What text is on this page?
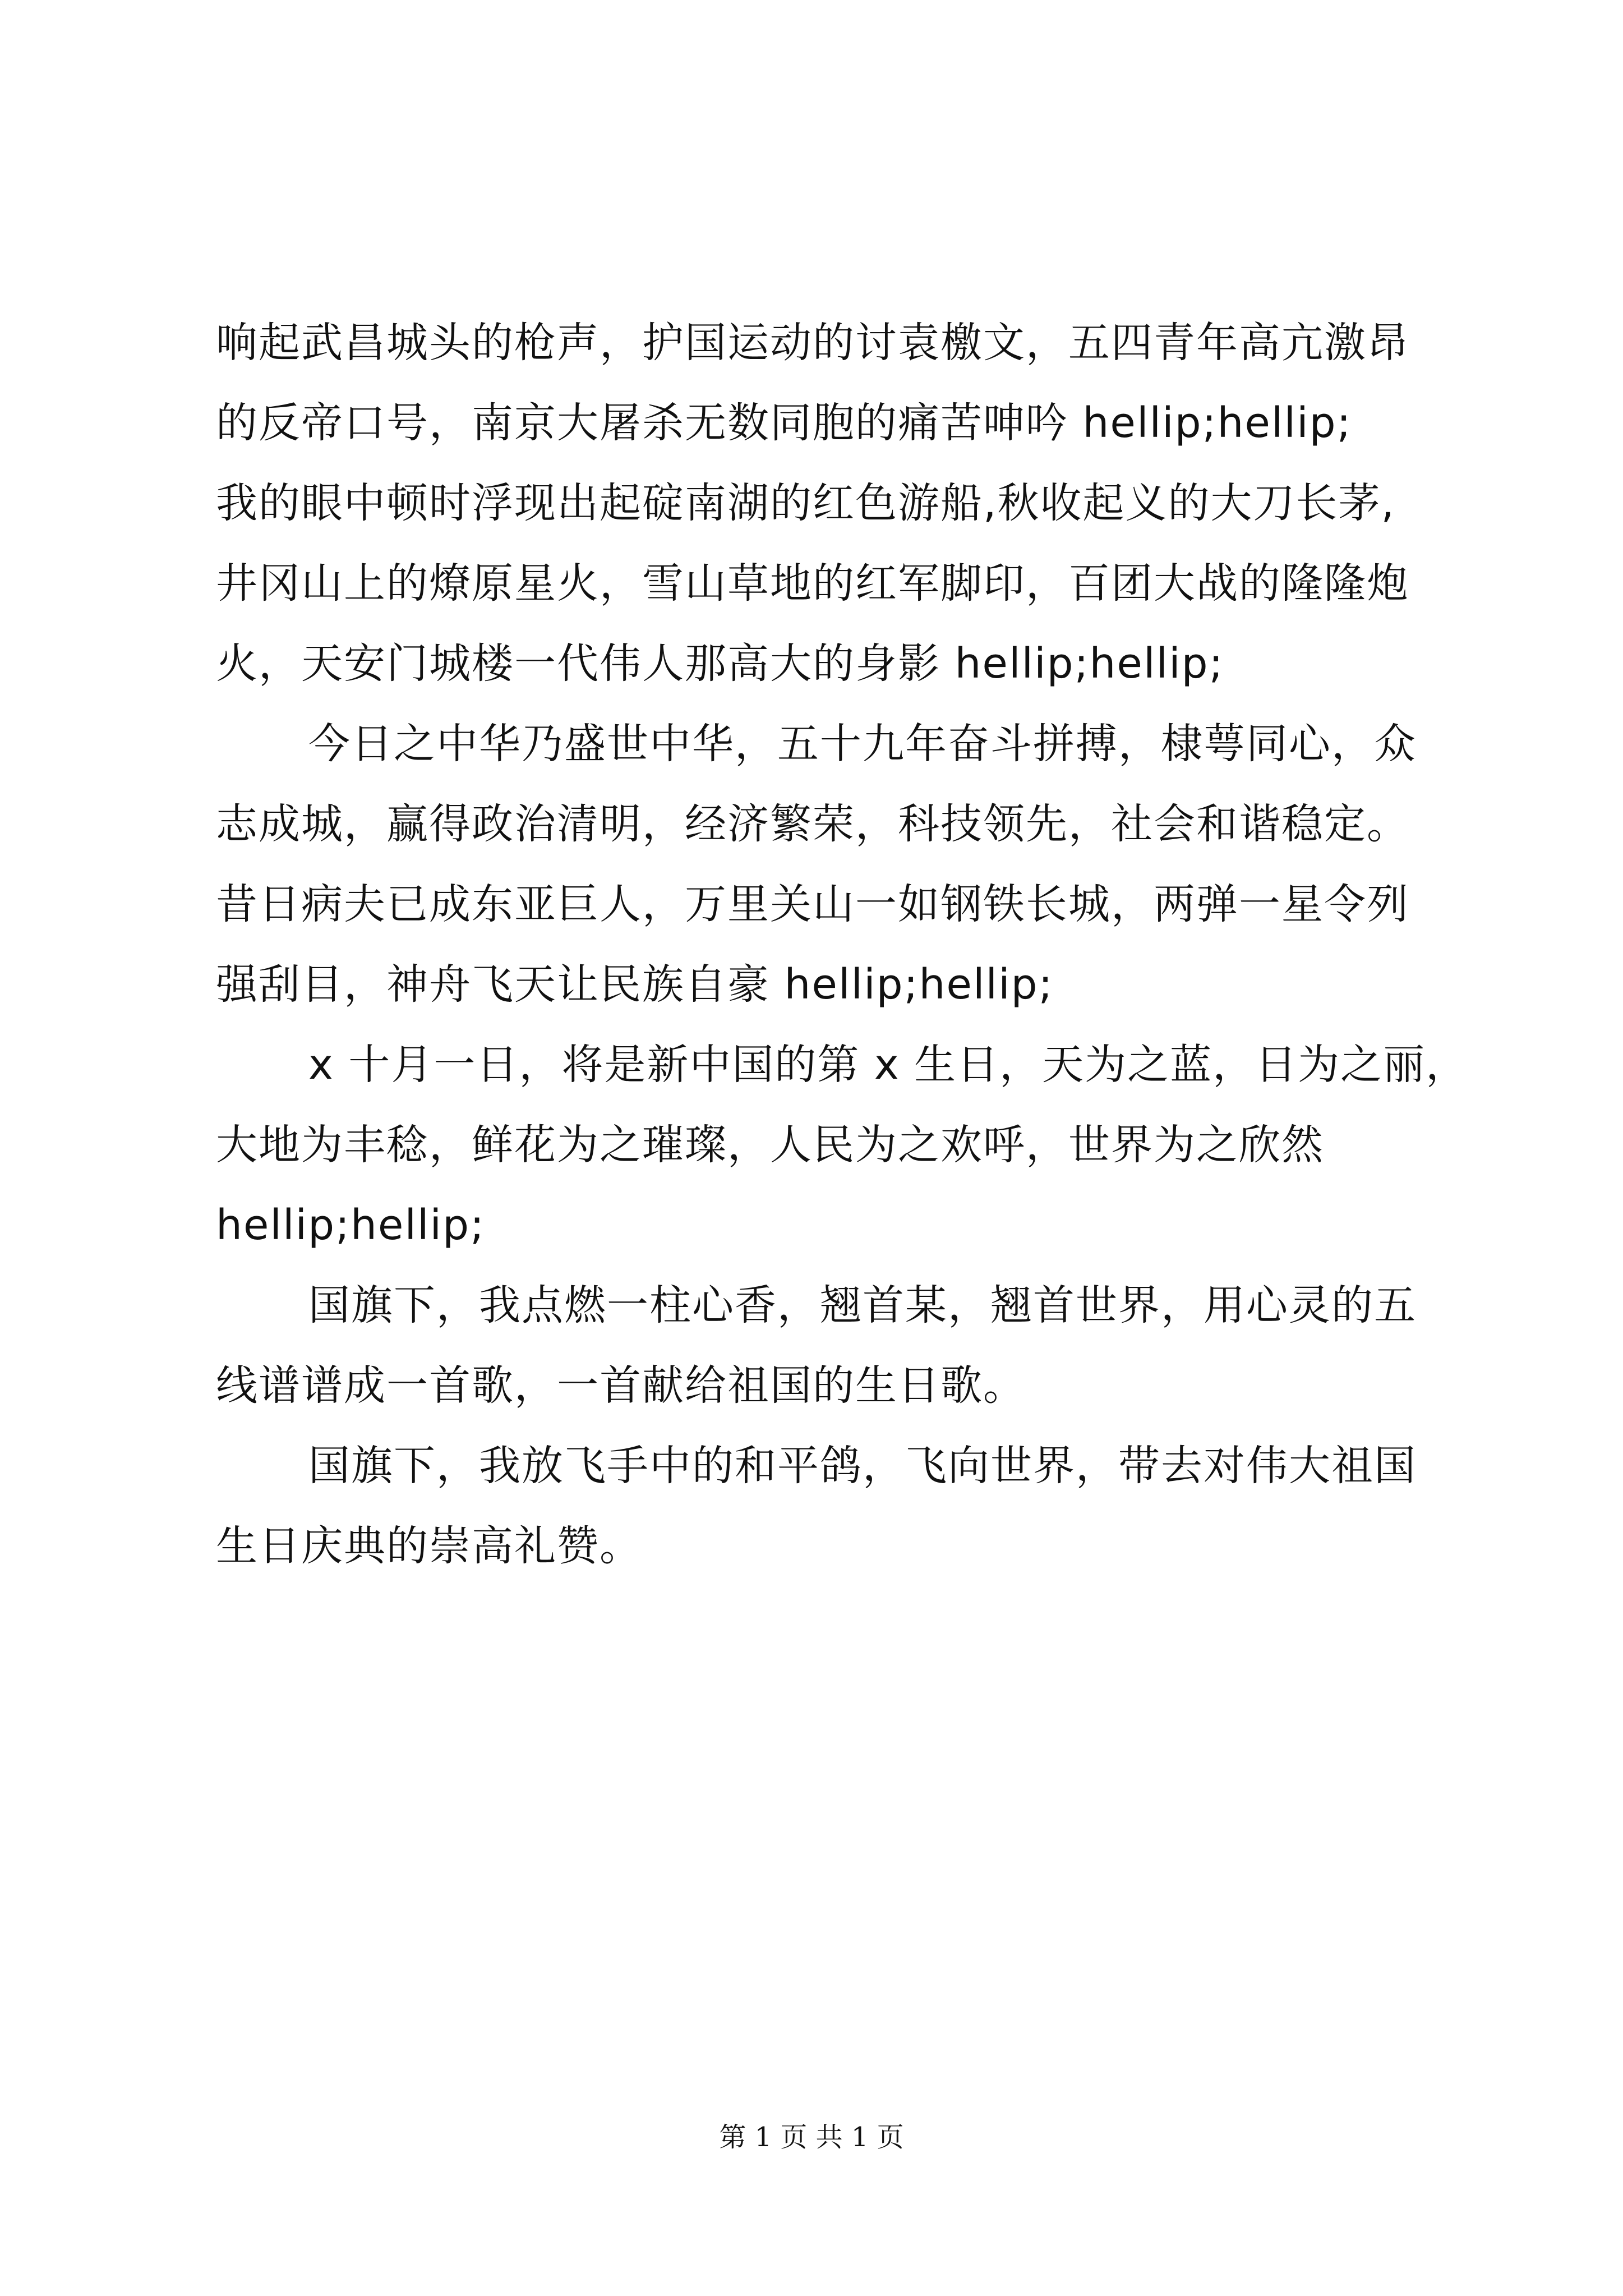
响起武昌城头的枪声，护国运动的讨袁檄文，五四青年高亢激昂
的反帝口号，南京大屠杀无数同胞的痛苦呻吟 hellip;hellip;
我的眼中顿时浮现出起碇南湖的红色游船,秋收起义的大刀长茅,
井冈山上的燎原星火，雪山草地的红军脚印，百团大战的隆隆炮
火，天安门城楼一代伟人那高大的身影 hellip;hellip;
今日之中华乃盛世中华，五十九年奋斗拼搏，棣萼同心，众
志成城，赢得政治清明，经济繁荣，科技领先，社会和谐稳定。
昔日病夫已成东亚巨人，万里关山一如钢铁长城，两弹一星令列
强刮目，神舟飞天让民族自豪 hellip;hellip;
x 十月一日，将是新中国的第 x 生日，天为之蓝，日为之丽，
大地为丰稔，鲜花为之璀璨，人民为之欢呼，世界为之欣然
hellip;hellip;
国旗下，我点燃一柱心香，翘首某，翘首世界，用心灵的五
线谱谱成一首歌，一首献给祖国的生日歌。
国旗下，我放飞手中的和平鸽，飞向世界，带去对伟大祖国
生日庆典的崇高礼赞。
第 1 页 共 1 页
